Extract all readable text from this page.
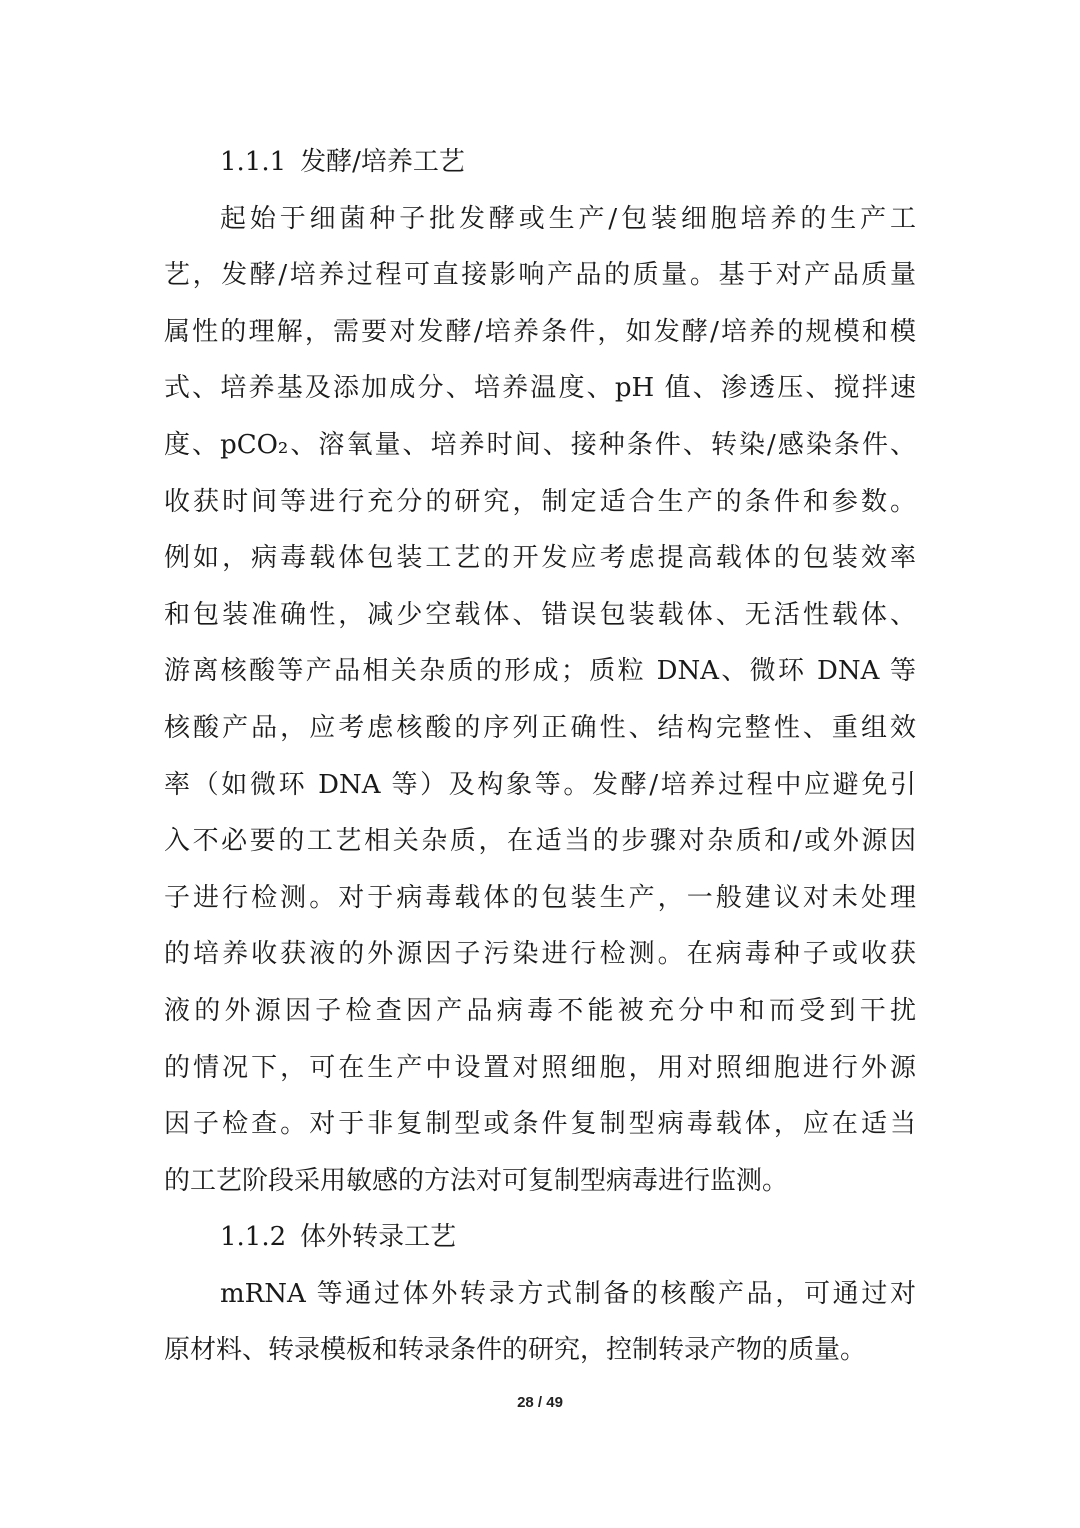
1.1.1 发酵/培养工艺
起始于细菌种子批发酵或生产/包装细胞培养的生产工
艺，发酵/培养过程可直接影响产品的质量。基于对产品质量
属性的理解，需要对发酵/培养条件，如发酵/培养的规模和模
式、培养基及添加成分、培养温度、pH 值、渗透压、搅拌速
度、pCO₂、溶氧量、培养时间、接种条件、转染/感染条件、
收获时间等进行充分的研究，制定适合生产的条件和参数。
例如，病毒载体包装工艺的开发应考虑提高载体的包装效率
和包装准确性，减少空载体、错误包装载体、无活性载体、
游离核酸等产品相关杂质的形成；质粒 DNA、微环 DNA 等
核酸产品，应考虑核酸的序列正确性、结构完整性、重组效
率（如微环 DNA 等）及构象等。发酵/培养过程中应避免引
入不必要的工艺相关杂质，在适当的步骤对杂质和/或外源因
子进行检测。对于病毒载体的包装生产，一般建议对未处理
的培养收获液的外源因子污染进行检测。在病毒种子或收获
液的外源因子检查因产品病毒不能被充分中和而受到干扰
的情况下，可在生产中设置对照细胞，用对照细胞进行外源
因子检查。对于非复制型或条件复制型病毒载体，应在适当
的工艺阶段采用敏感的方法对可复制型病毒进行监测。
1.1.2 体外转录工艺
mRNA 等通过体外转录方式制备的核酸产品，可通过对
原材料、转录模板和转录条件的研究，控制转录产物的质量。
28 / 49
